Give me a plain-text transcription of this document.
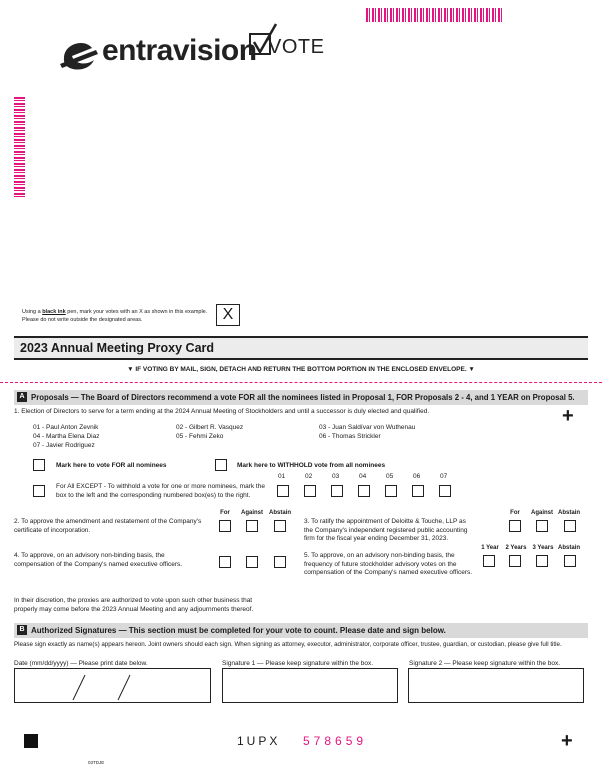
entravision VOTE
Using a black ink pen, mark your votes with an X as shown in this example.
Please do not write outside the designated areas.	X
2023 Annual Meeting Proxy Card
▼ IF VOTING BY MAIL, SIGN, DETACH AND RETURN THE BOTTOM PORTION IN THE ENCLOSED ENVELOPE. ▼
A Proposals — The Board of Directors recommend a vote FOR all the nominees listed in Proposal 1, FOR Proposals 2 - 4, and 1 YEAR on Proposal 5.
1. Election of Directors to serve for a term ending at the 2024 Annual Meeting of Stockholders and until a successor is duly elected and qualified.	+
01 - Paul Anton Zevnik	02 - Gilbert R. Vasquez	03 - Juan Saldívar von Wuthenau
04 - Martha Elena Diaz	05 - Fehmi Zeko	06 - Thomas Strickler
07 - Javier Rodriguez
Mark here to vote FOR all nominees	Mark here to WITHHOLD vote from all nominees
For All EXCEPT - To withhold a vote for one or more nominees, mark the box to the left and the corresponding numbered box(es) to the right.
01	02	03	04	05	06	07
For	Against Abstain	For	Against Abstain
2. To approve the amendment and restatement of the Company's certificate of incorporation.
3. To ratify the appointment of Deloitte & Touche, LLP as the Company's independent registered public accounting firm for the fiscal year ending December 31, 2023.
4. To approve, on an advisory non-binding basis, the compensation of the Company's named executive officers.
5. To approve, on an advisory non-binding basis, the frequency of future stockholder advisory votes on the compensation of the Company's named executive officers.
1 Year	2 Years	3 Years Abstain
In their discretion, the proxies are authorized to vote upon such other business that properly may come before the 2023 Annual Meeting and any adjournments thereof.
B Authorized Signatures — This section must be completed for your vote to count. Please date and sign below.
Please sign exactly as name(s) appears hereon. Joint owners should each sign. When signing as attorney, executor, administrator, corporate officer, trustee, guardian, or custodian, please give full title.
Date (mm/dd/yyyy) — Please print date below.	Signature 1 — Please keep signature within the box.	Signature 2 — Please keep signature within the box.
1UPX 578659	+
03TDJE
